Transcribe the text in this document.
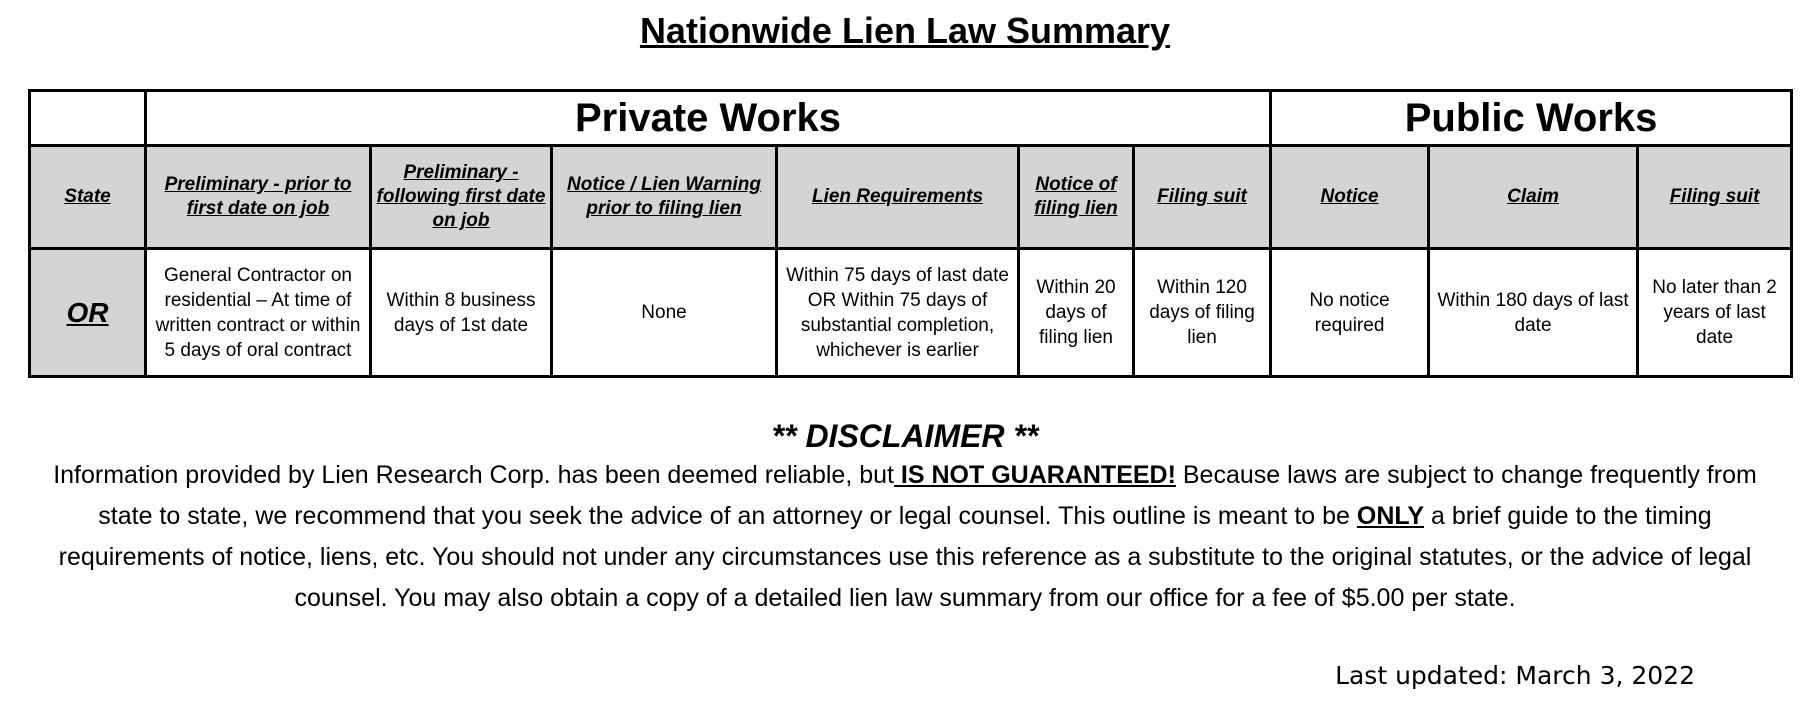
Nationwide Lien Law Summary
	Private Works						Public Works		
State	Preliminary - prior to first date on job	Preliminary - following first date on job	Notice / Lien Warning prior to filing lien	Lien Requirements	Notice of filing lien	Filing suit	Notice	Claim	Filing suit
OR	General Contractor on residential – At time of written contract or within 5 days of oral contract	Within 8 business days of 1st date	None	Within 75 days of last date OR Within 75 days of substantial completion, whichever is earlier	Within 20 days of filing lien	Within 120 days of filing lien	No notice required	Within 180 days of last date	No later than 2 years of last date
** DISCLAIMER **
Information provided by Lien Research Corp. has been deemed reliable, but IS NOT GUARANTEED! Because laws are subject to change frequently from state to state, we recommend that you seek the advice of an attorney or legal counsel. This outline is meant to be ONLY a brief guide to the timing requirements of notice, liens, etc. You should not under any circumstances use this reference as a substitute to the original statutes, or the advice of legal counsel. You may also obtain a copy of a detailed lien law summary from our office for a fee of $5.00 per state.
Last updated: March 3, 2022
